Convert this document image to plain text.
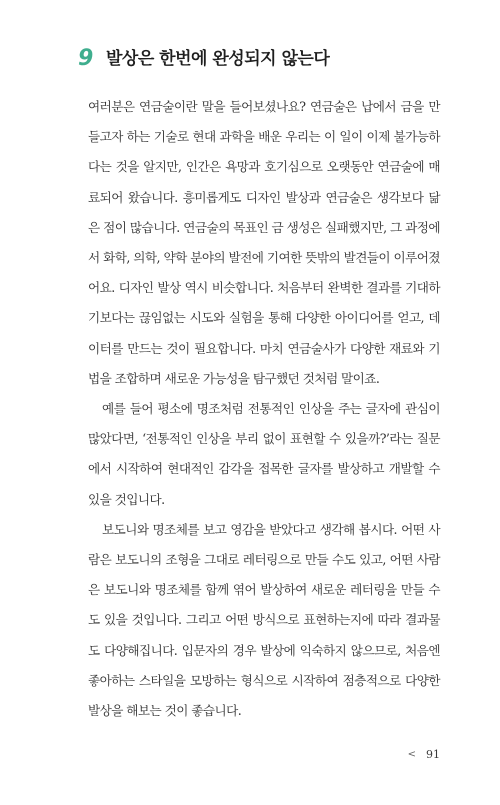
9 발상은 한번에 완성되지 않는다

여러분은 연금술이란 말을 들어보셨나요? 연금술은 납에서 금을 만들고자 하는 기술로 현대 과학을 배운 우리는 이 일이 이제 불가능하다는 것을 알지만, 인간은 욕망과 호기심으로 오랫동안 연금술에 매료되어 왔습니다. 흥미롭게도 디자인 발상과 연금술은 생각보다 닮은 점이 많습니다. 연금술의 목표인 금 생성은 실패했지만, 그 과정에서 화학, 의학, 약학 분야의 발전에 기여한 뜻밖의 발견들이 이루어졌어요. 디자인 발상 역시 비슷합니다. 처음부터 완벽한 결과를 기대하기보다는 끊임없는 시도와 실험을 통해 다양한 아이디어를 얻고, 데이터를 만드는 것이 필요합니다. 마치 연금술사가 다양한 재료와 기법을 조합하며 새로운 가능성을 탐구했던 것처럼 말이죠.

예를 들어 평소에 명조처럼 전통적인 인상을 주는 글자에 관심이 많았다면, ‘전통적인 인상을 부리 없이 표현할 수 있을까?’라는 질문에서 시작하여 현대적인 감각을 접목한 글자를 발상하고 개발할 수 있을 것입니다.

보도니와 명조체를 보고 영감을 받았다고 생각해 봅시다. 어떤 사람은 보도니의 조형을 그대로 레터링으로 만들 수도 있고, 어떤 사람은 보도니와 명조체를 함께 엮어 발상하여 새로운 레터링을 만들 수도 있을 것입니다. 그리고 어떤 방식으로 표현하는지에 따라 결과물도 다양해집니다. 입문자의 경우 발상에 익숙하지 않으므로, 처음엔 좋아하는 스타일을 모방하는 형식으로 시작하여 점층적으로 다양한 발상을 해보는 것이 좋습니다.

< 91
